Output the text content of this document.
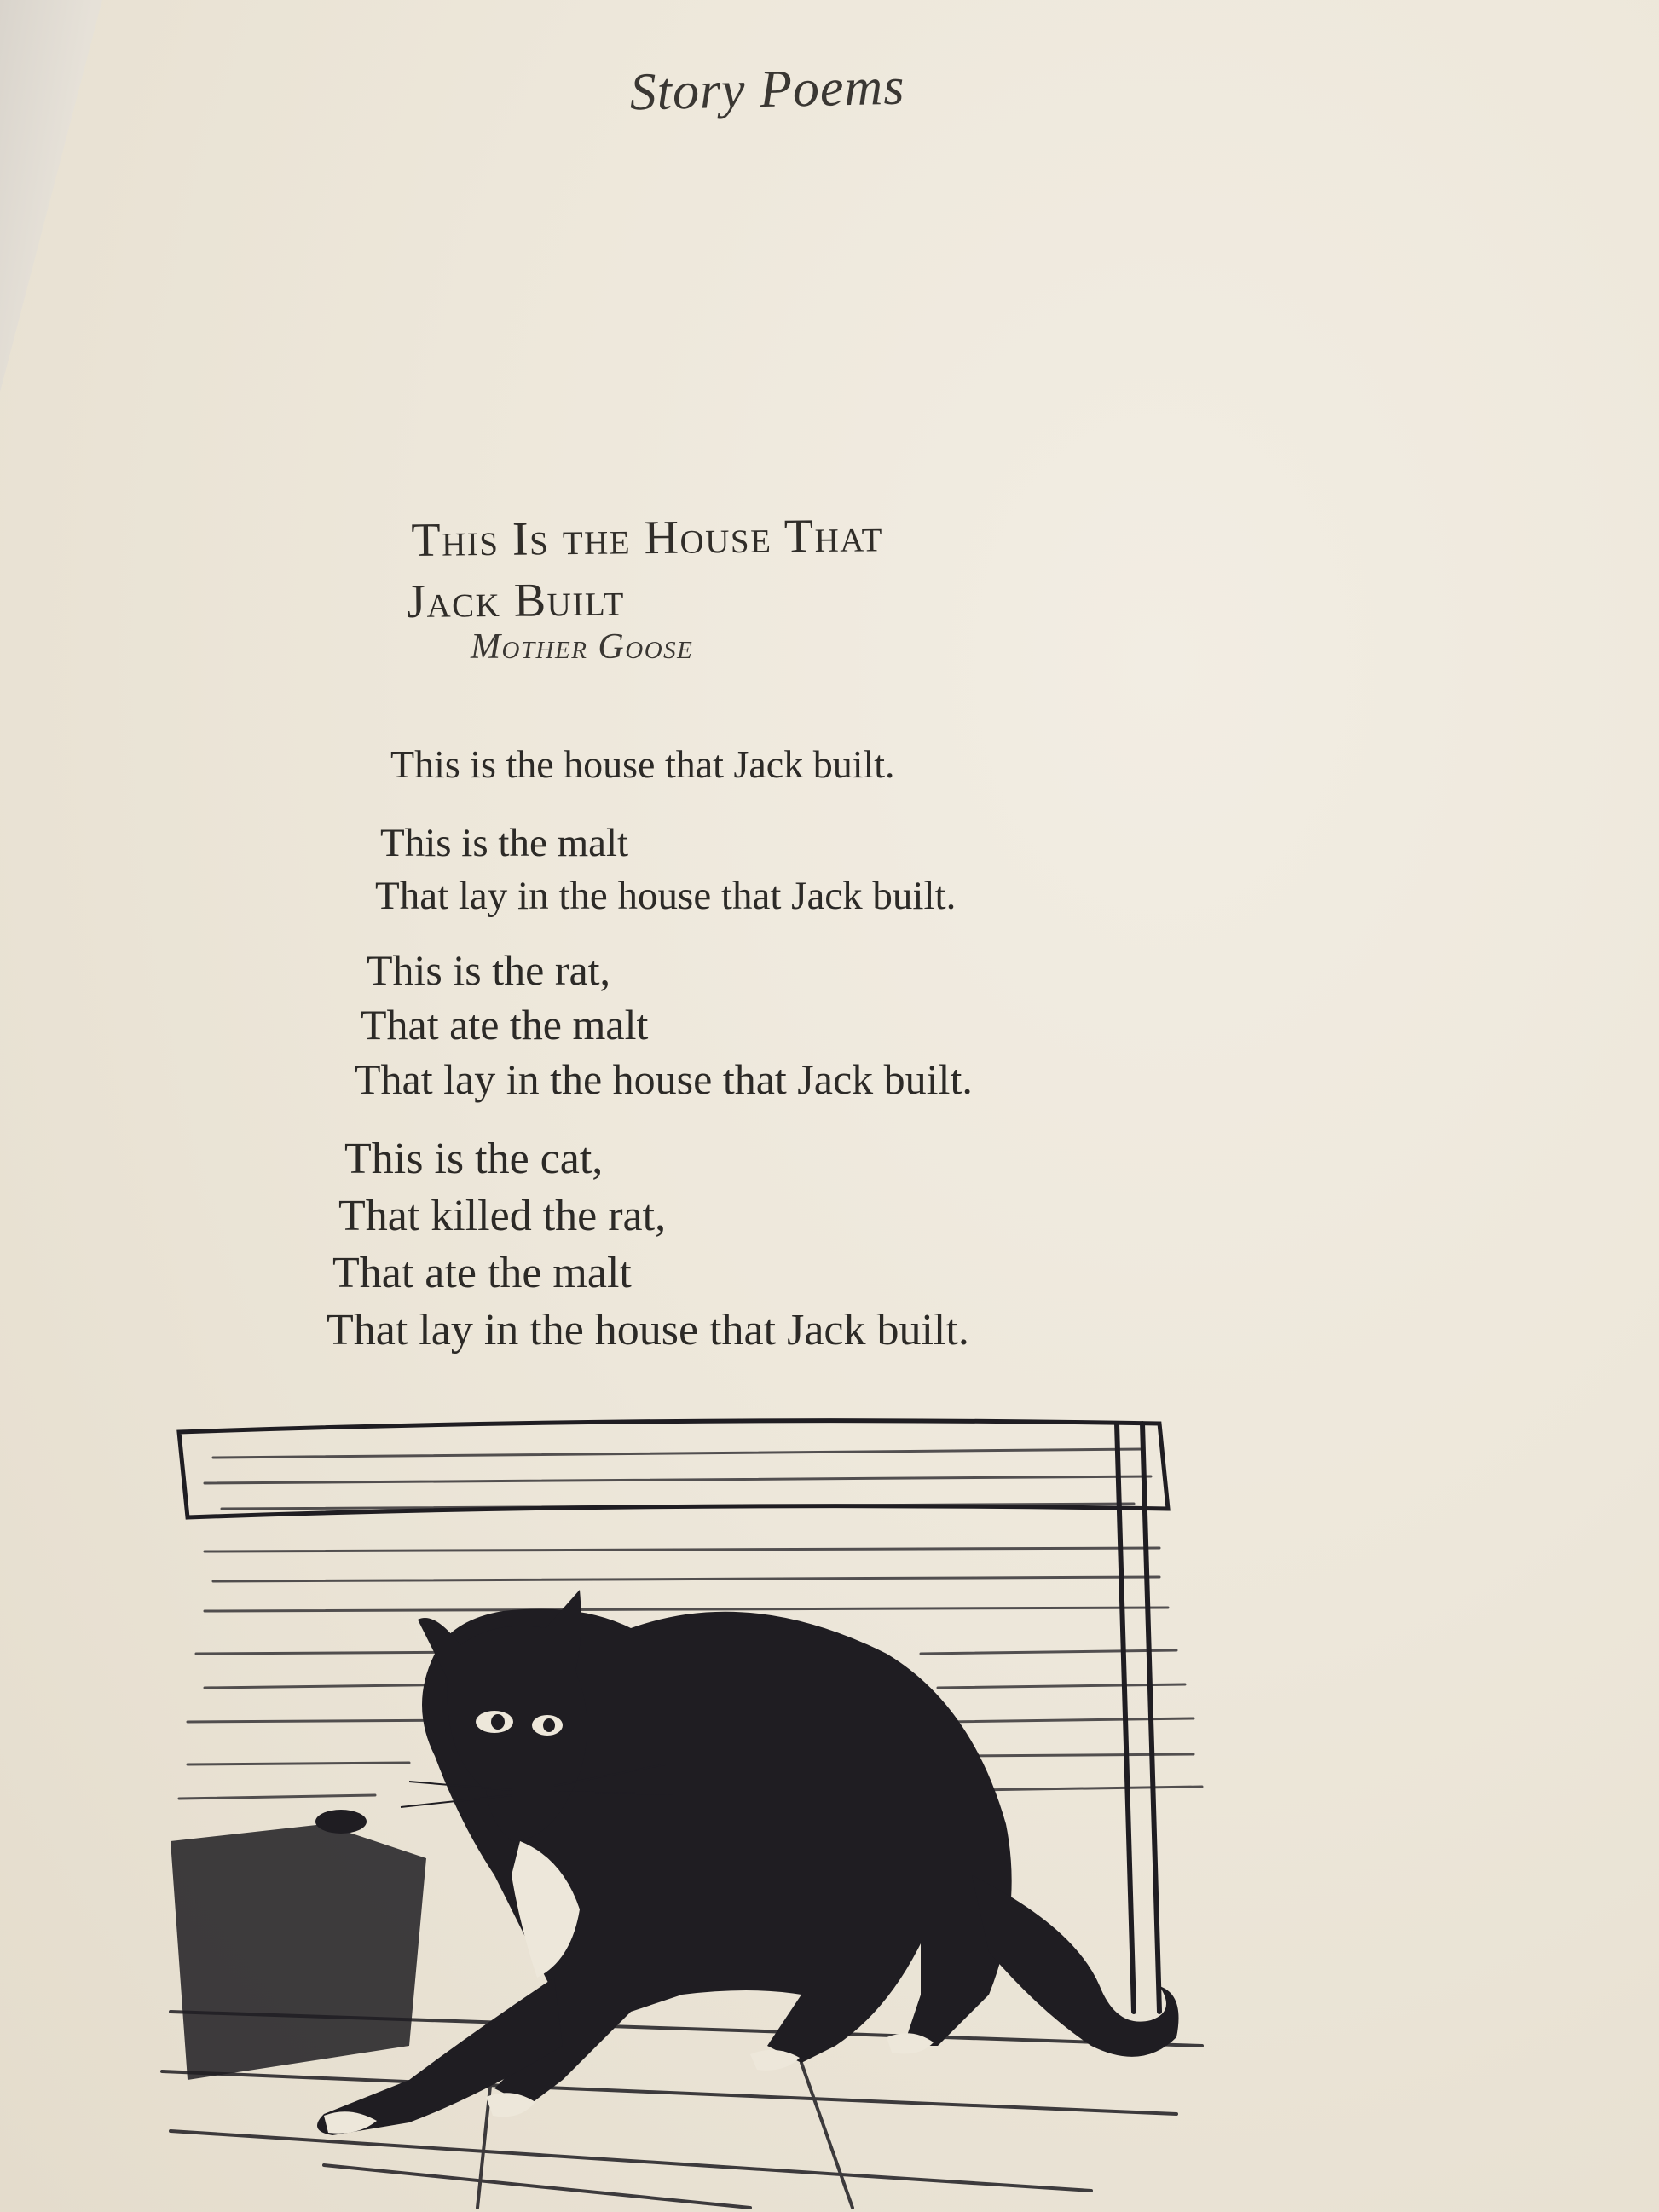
Story Poems
This Is the House That
Jack Built
Mother Goose
This is the house that Jack built.
This is the malt
That lay in the house that Jack built.
This is the rat,
That ate the malt
That lay in the house that Jack built.
This is the cat,
That killed the rat,
That ate the malt
That lay in the house that Jack built.
